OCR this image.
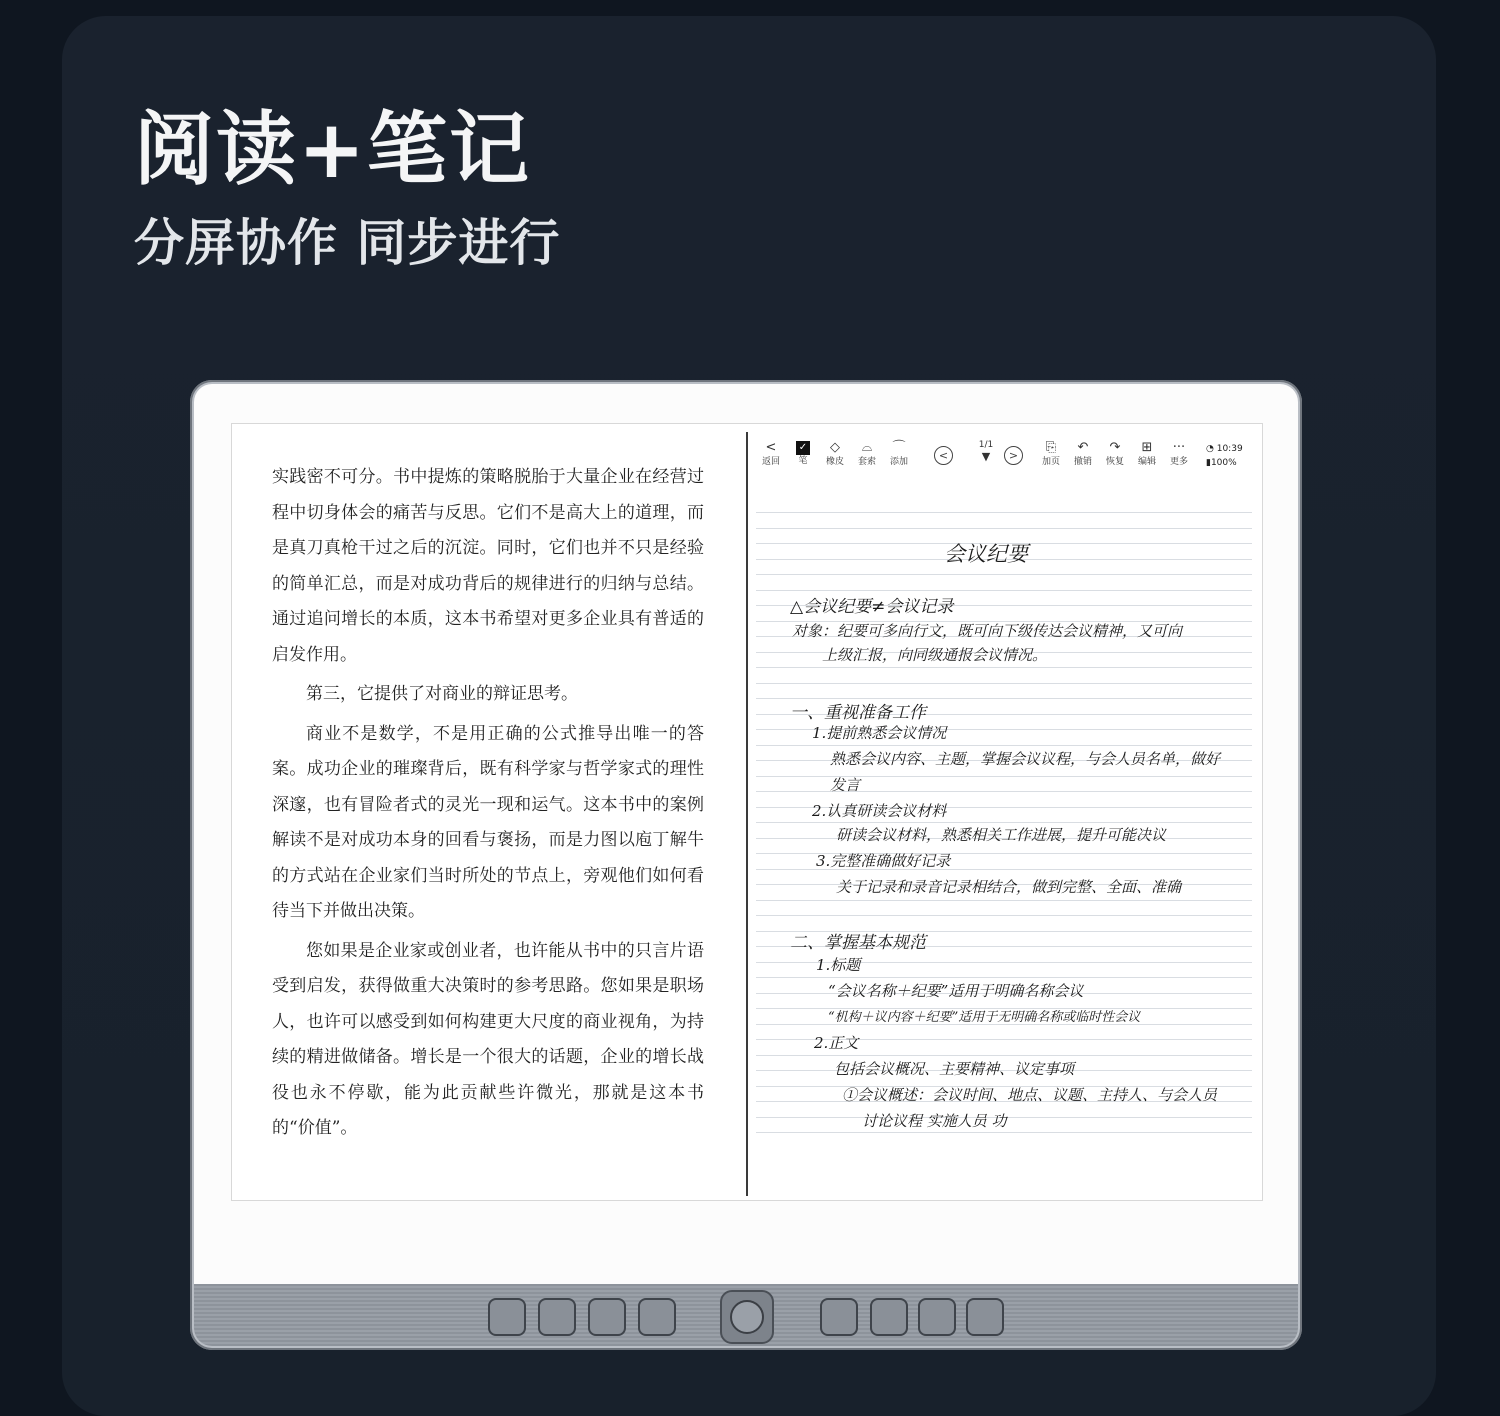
阅读+笔记
分屏协作 同步进行

实践密不可分。书中提炼的策略脱胎于大量企业在经营过程中切身体会的痛苦与反思。它们不是高大上的道理，而是真刀真枪干过之后的沉淀。同时，它们也并不只是经验的简单汇总，而是对成功背后的规律进行的归纳与总结。通过追问增长的本质，这本书希望对更多企业具有普适的启发作用。

第三，它提供了对商业的辩证思考。

商业不是数学，不是用正确的公式推导出唯一的答案。成功企业的璀璨背后，既有科学家与哲学家式的理性深邃，也有冒险者式的灵光一现和运气。这本书中的案例解读不是对成功本身的回看与褒扬，而是力图以庖丁解牛的方式站在企业家们当时所处的节点上，旁观他们如何看待当下并做出决策。

您如果是企业家或创业者，也许能从书中的只言片语受到启发，获得做重大决策时的参考思路。您如果是职场人，也许可以感受到如何构建更大尺度的商业视角，为持续的精进做储备。增长是一个很大的话题，企业的增长战役也永不停歇，能为此贡献些许微光，那就是这本书的“价值”。

<
返回
✓
笔
◇
橡皮
⌓
套索
⌒
添加	<
1/1
▼	>
⎘
加页
↶
撤销
↷
恢复
⊞
编辑
···
更多
◔ 10:39
▮100%
会议纪要
△会议纪要≠会议记录
对象：纪要可多向行文，既可向下级传达会议精神，又可向
上级汇报，向同级通报会议情况。
一、重视准备工作
1.提前熟悉会议情况
熟悉会议内容、主题，掌握会议议程，与会人员名单，做好
发言
2.认真研读会议材料
研读会议材料，熟悉相关工作进展，提升可能决议
3.完整准确做好记录
关于记录和录音记录相结合，做到完整、全面、准确
二、掌握基本规范
1.标题
“会议名称＋纪要”适用于明确名称会议
“机构＋议内容＋纪要”适用于无明确名称或临时性会议
2.正文
包括会议概况、主要精神、议定事项
①会议概述：会议时间、地点、议题、主持人、与会人员
讨论议程 实施人员 功
